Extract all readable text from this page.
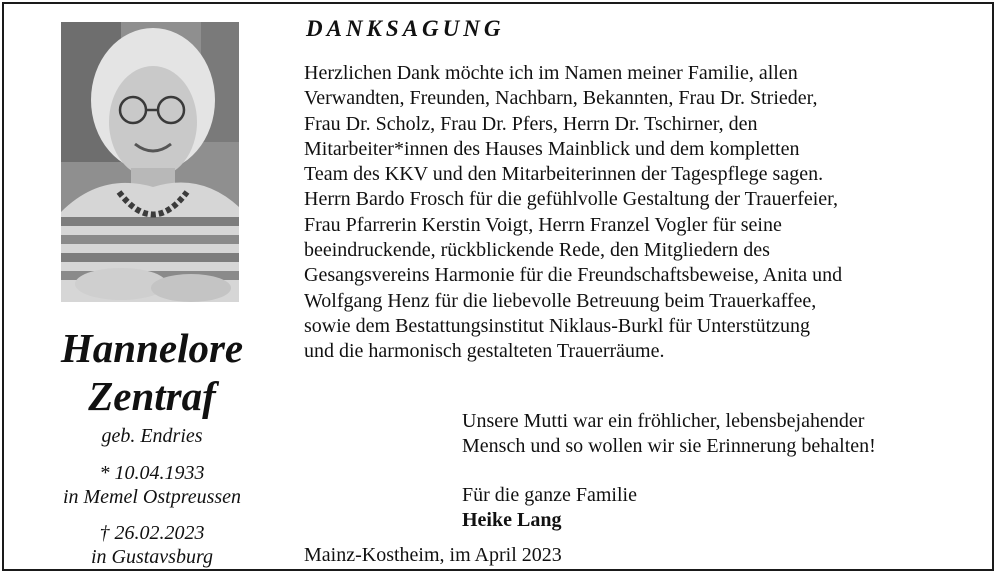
Hannelore
Zentraf
geb. Endries
* 10.04.1933
in Memel Ostpreussen
† 26.02.2023
in Gustavsburg
DANKSAGUNG
Herzlichen Dank möchte ich im Namen meiner Familie, allen
Verwandten, Freunden, Nachbarn, Bekannten, Frau Dr. Strieder,
Frau Dr. Scholz, Frau Dr. Pfers, Herrn Dr. Tschirner, den
Mitarbeiter*innen des Hauses Mainblick und dem kompletten
Team des KKV und den Mitarbeiterinnen der Tagespflege sagen.
Herrn Bardo Frosch für die gefühlvolle Gestaltung der Trauerfeier,
Frau Pfarrerin Kerstin Voigt, Herrn Franzel Vogler für seine
beeindruckende, rückblickende Rede, den Mitgliedern des
Gesangsvereins Harmonie für die Freundschaftsbeweise, Anita und
Wolfgang Henz für die liebevolle Betreuung beim Trauerkaffee,
sowie dem Bestattungsinstitut Niklaus-Burkl für Unterstützung
und die harmonisch gestalteten Trauerräume.
Unsere Mutti war ein fröhlicher, lebensbejahender
Mensch und so wollen wir sie Erinnerung behalten!
Für die ganze Familie
Heike Lang
Mainz-Kostheim, im April 2023
